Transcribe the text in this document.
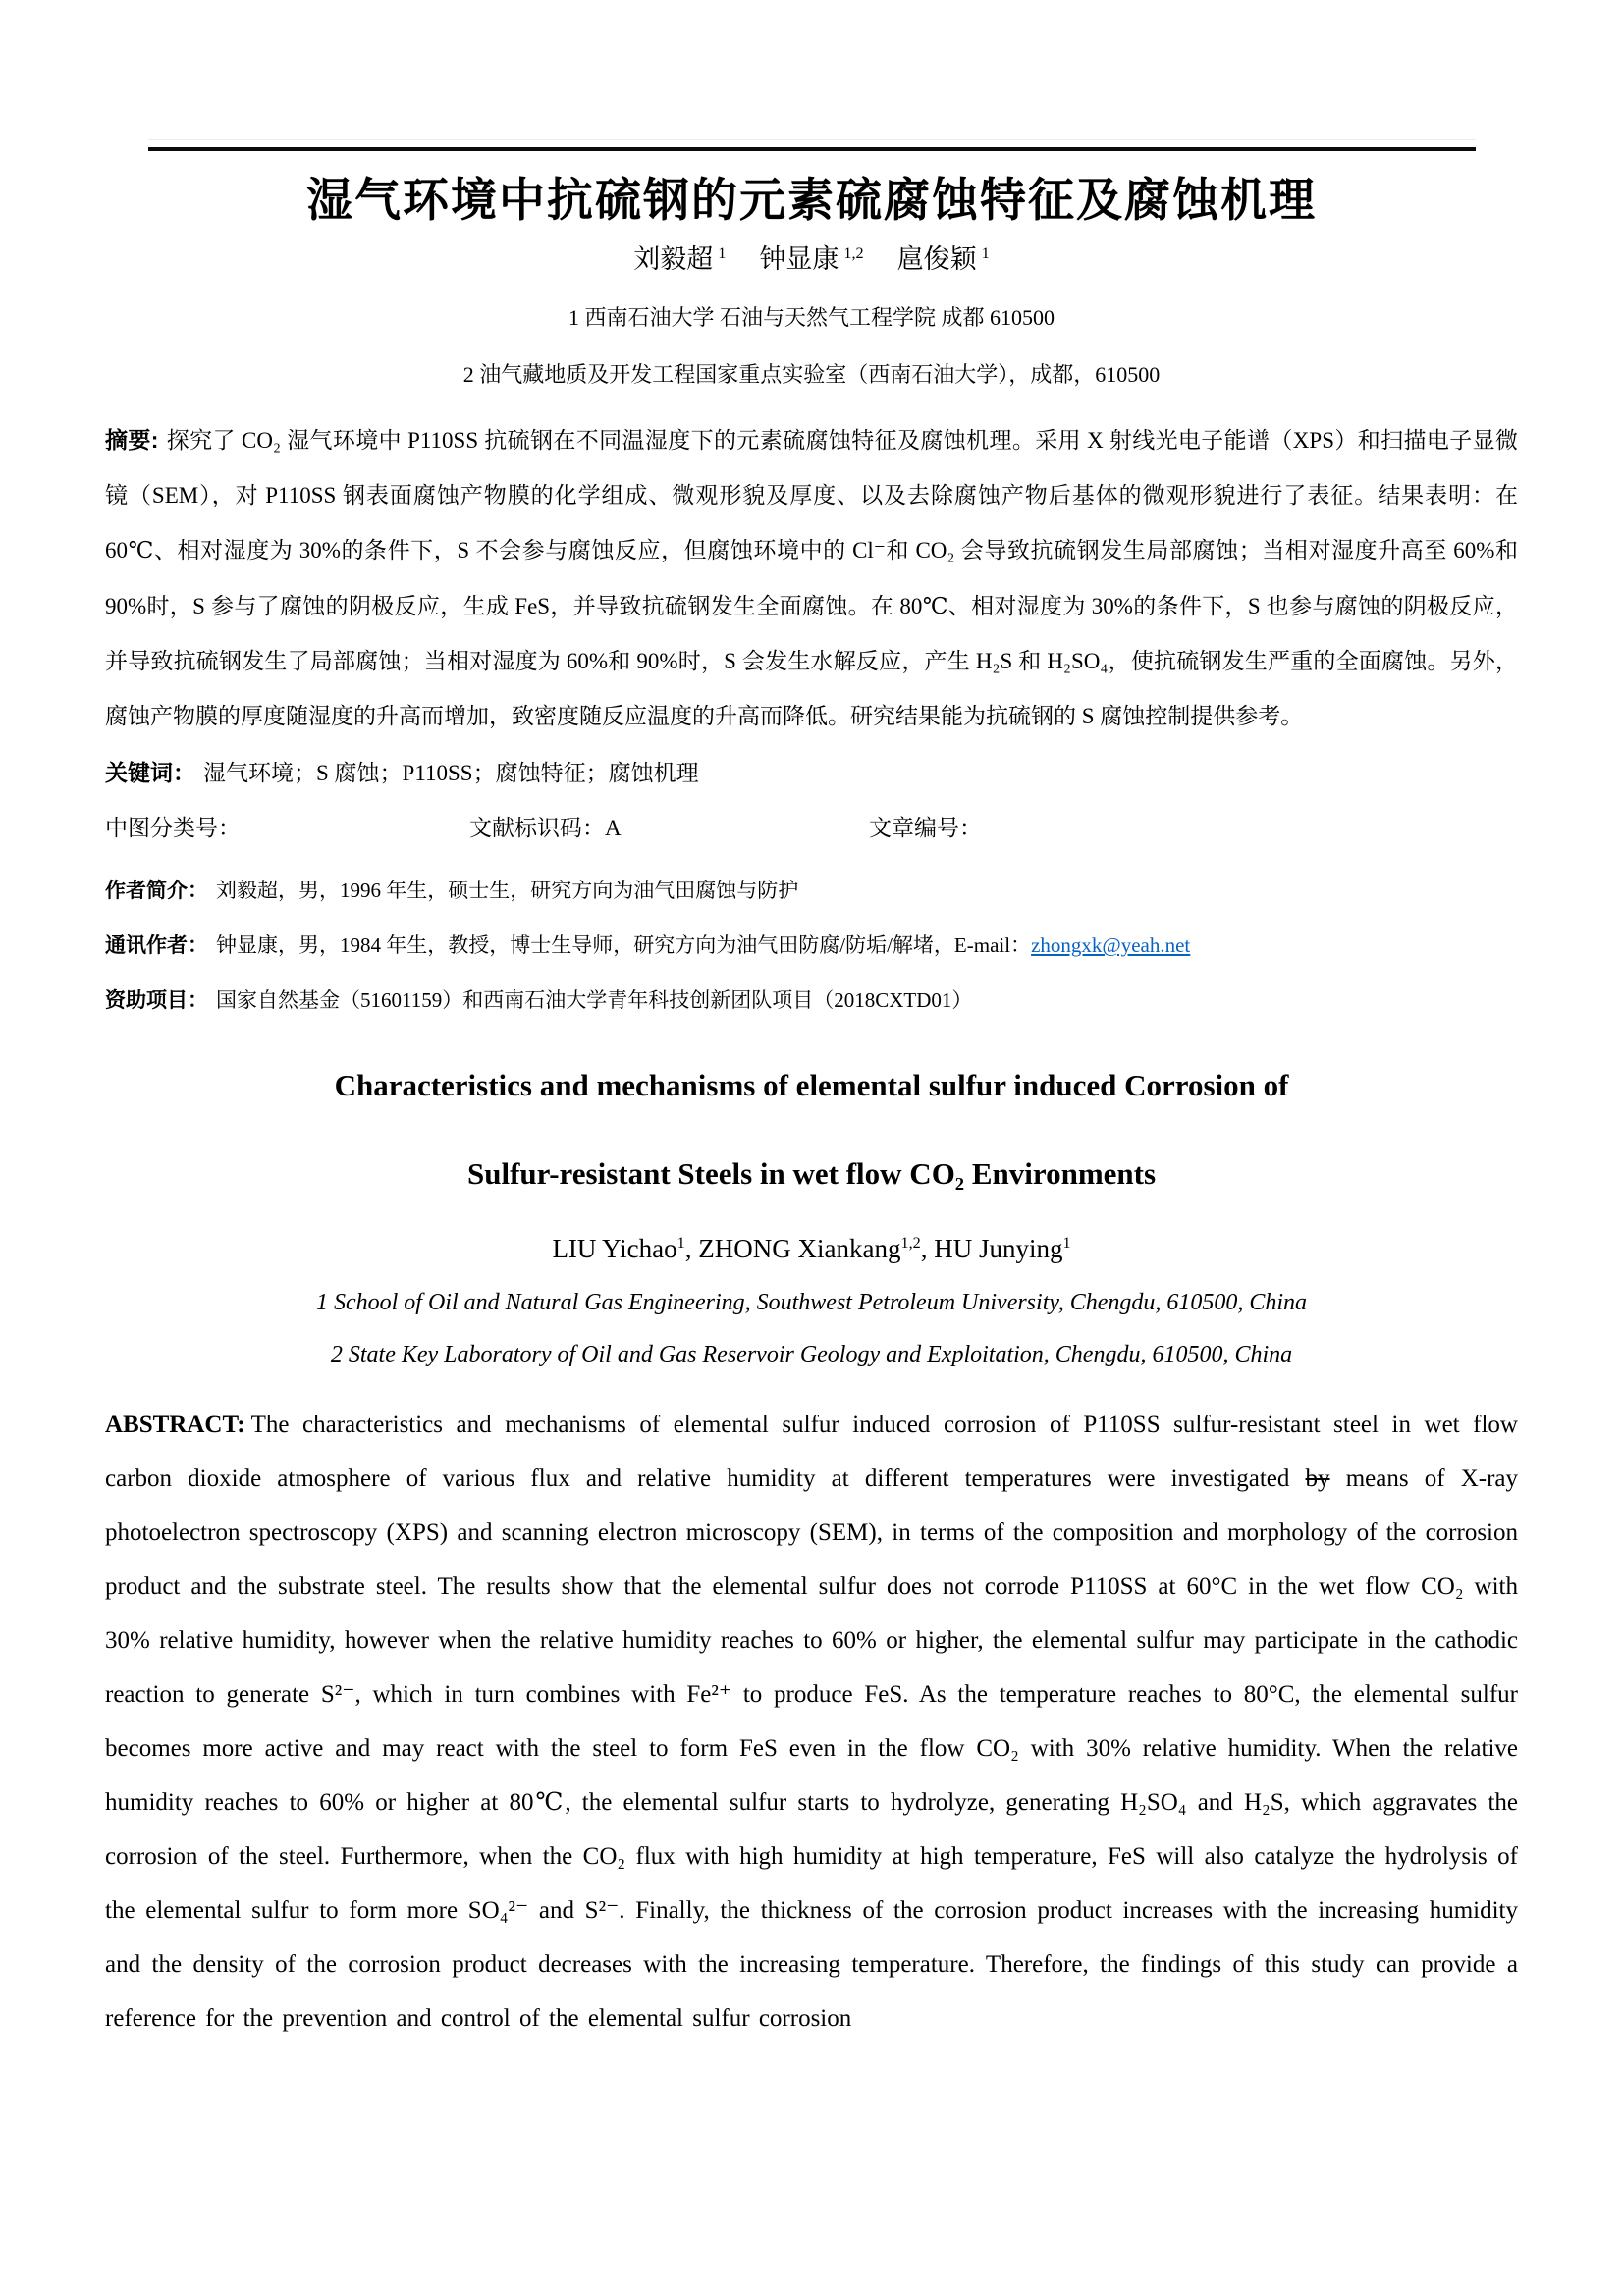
湿气环境中抗硫钢的元素硫腐蚀特征及腐蚀机理

刘毅超 $^1$ 钟显康 $^{1,2}$ 扈俊颖 $^1$

1 西南石油大学 石油与天然气工程学院 成都 610500

2 油气藏地质及开发工程国家重点实验室（西南石油大学），成都，610500

摘要: 探究了 CO₂ 湿气环境中 P110SS 抗硫钢在不同温湿度下的元素硫腐蚀特征及腐蚀机理。采用 X 射线光电子能谱（XPS）和扫描电子显微镜（SEM），对 P110SS 钢表面腐蚀产物膜的化学组成、微观形貌及厚度、以及去除腐蚀产物后基体的微观形貌进行了表征。结果表明：在 60℃、相对湿度为 30%的条件下，S 不会参与腐蚀反应，但腐蚀环境中的 Cl⁻和 CO₂ 会导致抗硫钢发生局部腐蚀；当相对湿度升高至 60%和 90%时，S 参与了腐蚀的阴极反应，生成 FeS，并导致抗硫钢发生全面腐蚀。在 80℃、相对湿度为 30%的条件下，S 也参与腐蚀的阴极反应，并导致抗硫钢发生了局部腐蚀；当相对湿度为 60%和 90%时，S 会发生水解反应，产生 H₂S 和 H₂SO₄，使抗硫钢发生严重的全面腐蚀。另外，腐蚀产物膜的厚度随湿度的升高而增加，致密度随反应温度的升高而降低。研究结果能为抗硫钢的 S 腐蚀控制提供参考。

关键词： 湿气环境；S 腐蚀；P110SS；腐蚀特征；腐蚀机理

中图分类号：	文献标识码：A	文章编号：

作者简介： 刘毅超，男，1996 年生，硕士生，研究方向为油气田腐蚀与防护

通讯作者： 钟显康，男，1984 年生，教授，博士生导师，研究方向为油气田防腐/防垢/解堵，E-mail：zhongxk@yeah.net

资助项目： 国家自然基金（51601159）和西南石油大学青年科技创新团队项目（2018CXTD01）

Characteristics and mechanisms of elemental sulfur induced Corrosion of

Sulfur-resistant Steels in wet flow CO₂ Environments

LIU Yichao$^1$, ZHONG Xiankang$^{1,2}$, HU Junying$^1$

1 School of Oil and Natural Gas Engineering, Southwest Petroleum University, Chengdu, 610500, China

2 State Key Laboratory of Oil and Gas Reservoir Geology and Exploitation, Chengdu, 610500, China

ABSTRACT: The characteristics and mechanisms of elemental sulfur induced corrosion of P110SS sulfur-resistant steel in wet flow carbon dioxide atmosphere of various flux and relative humidity at different temperatures were investigated by means of X-ray photoelectron spectroscopy (XPS) and scanning electron microscopy (SEM), in terms of the composition and morphology of the corrosion product and the substrate steel. The results show that the elemental sulfur does not corrode P110SS at 60°C in the wet flow CO₂ with 30% relative humidity, however when the relative humidity reaches to 60% or higher, the elemental sulfur may participate in the cathodic reaction to generate S²⁻, which in turn combines with Fe²⁺ to produce FeS. As the temperature reaches to 80°C, the elemental sulfur becomes more active and may react with the steel to form FeS even in the flow CO₂ with 30% relative humidity. When the relative humidity reaches to 60% or higher at 80℃, the elemental sulfur starts to hydrolyze, generating H₂SO₄ and H₂S, which aggravates the corrosion of the steel. Furthermore, when the CO₂ flux with high humidity at high temperature, FeS will also catalyze the hydrolysis of the elemental sulfur to form more SO₄²⁻ and S²⁻. Finally, the thickness of the corrosion product increases with the increasing humidity and the density of the corrosion product decreases with the increasing temperature. Therefore, the findings of this study can provide a reference for the prevention and control of the elemental sulfur corrosion
